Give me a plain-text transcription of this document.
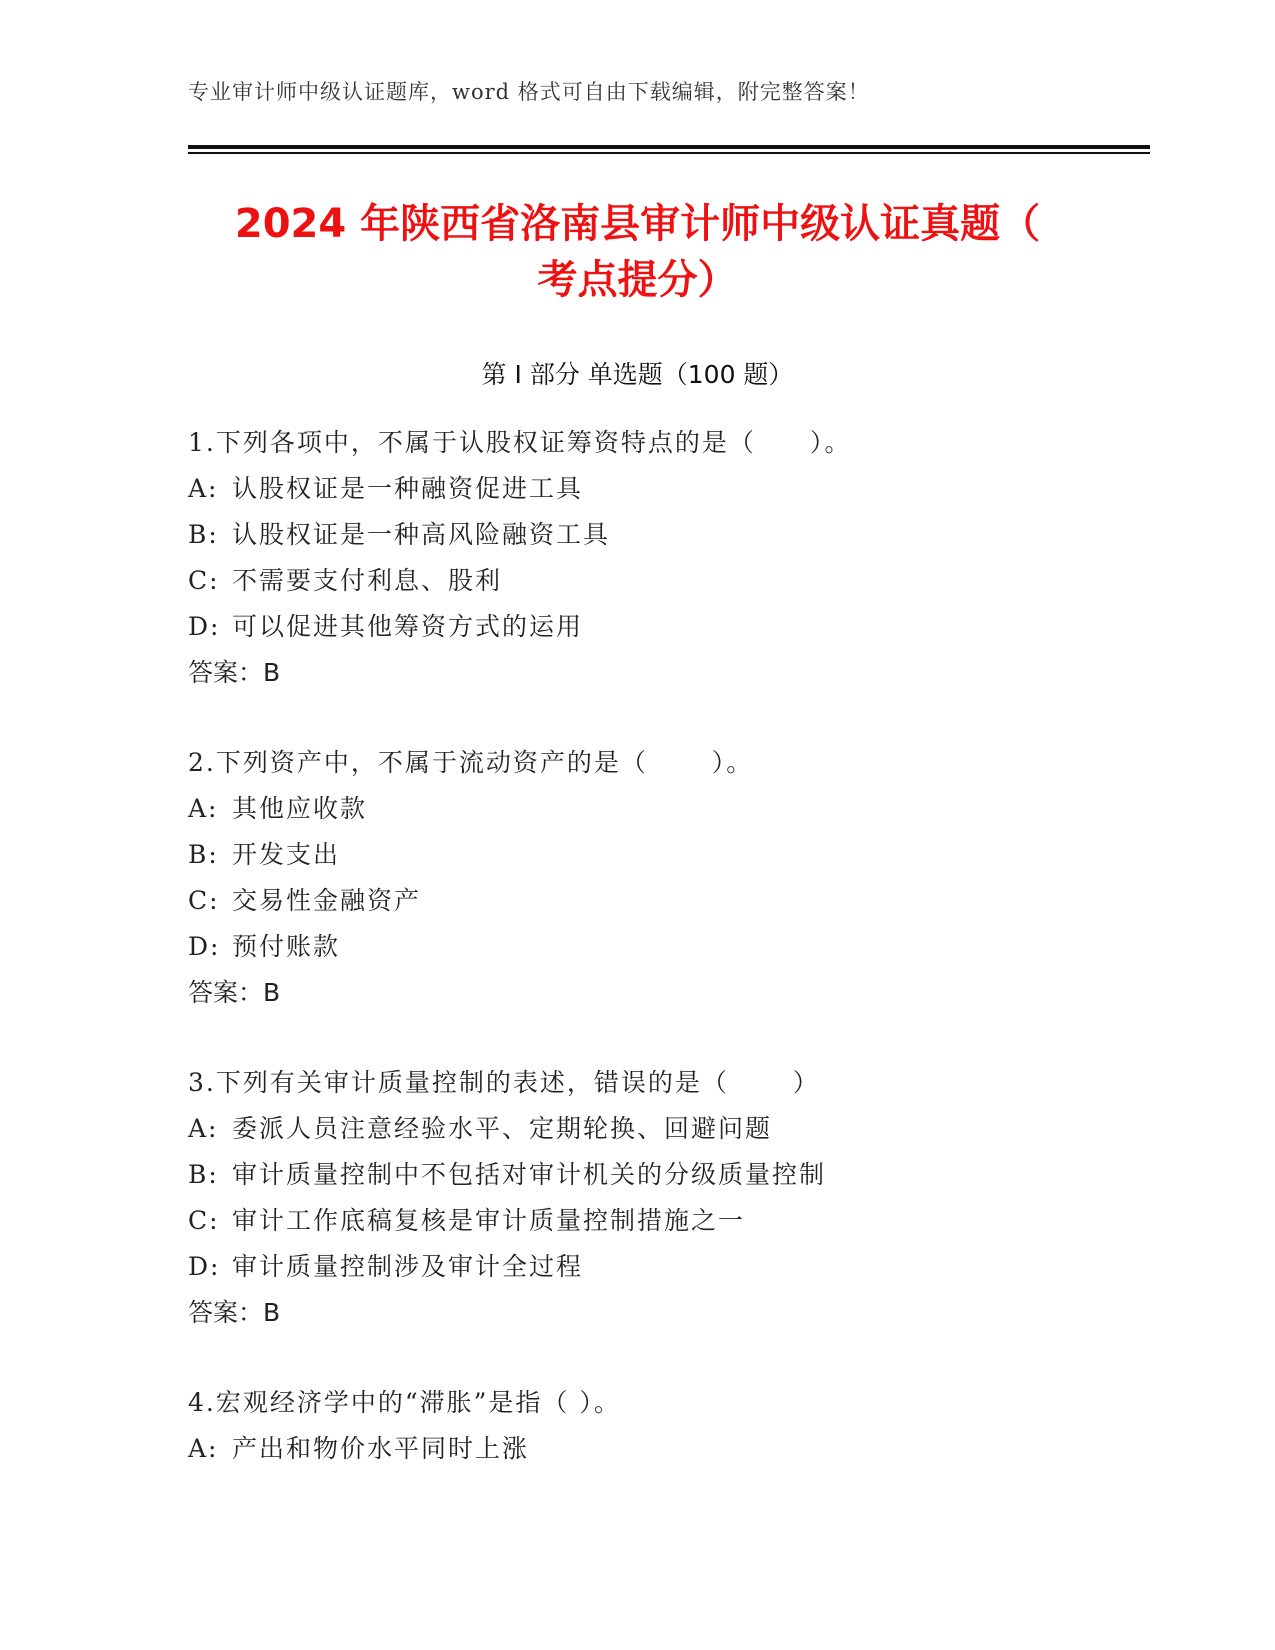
专业审计师中级认证题库，word 格式可自由下载编辑，附完整答案！
2024 年陕西省洛南县审计师中级认证真题（
考点提分）
第 I 部分 单选题（100 题）
1.下列各项中，不属于认股权证筹资特点的是（　　）。
A: 认股权证是一种融资促进工具
B: 认股权证是一种高风险融资工具
C: 不需要支付利息、股利
D: 可以促进其他筹资方式的运用
答案：B
2.下列资产中，不属于流动资产的是（　　 ）。
A: 其他应收款
B: 开发支出
C: 交易性金融资产
D: 预付账款
答案：B
3.下列有关审计质量控制的表述，错误的是（　　 ）
A: 委派人员注意经验水平、定期轮换、回避问题
B: 审计质量控制中不包括对审计机关的分级质量控制
C: 审计工作底稿复核是审计质量控制措施之一
D: 审计质量控制涉及审计全过程
答案：B
4.宏观经济学中的“滞胀”是指（ ）。
A: 产出和物价水平同时上涨
